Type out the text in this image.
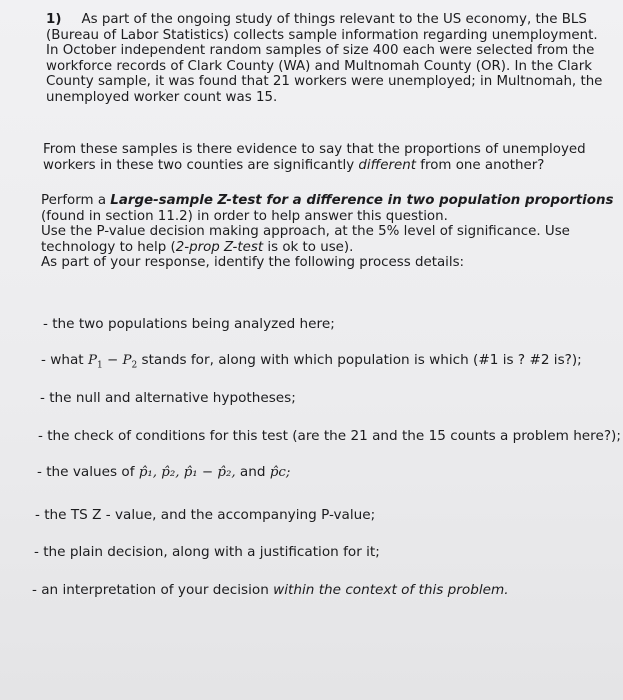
1) As part of the ongoing study of things relevant to the US economy, the BLS
(Bureau of Labor Statistics) collects sample information regarding unemployment.
In October independent random samples of size 400 each were selected from the
workforce records of Clark County (WA) and Multnomah County (OR). In the Clark
County sample, it was found that 21 workers were unemployed; in Multnomah, the
unemployed worker count was 15.
From these samples is there evidence to say that the proportions of unemployed
workers in these two counties are significantly different from one another?
Perform a Large-sample Z-test for a difference in two population proportions
(found in section 11.2) in order to help answer this question.
Use the P-value decision making approach, at the 5% level of significance. Use
technology to help (2-prop Z-test is ok to use).
As part of your response, identify the following process details:
- the two populations being analyzed here;
- what $P_1 - P_2$ stands for, along with which population is which (#1 is ? #2 is?);
- the null and alternative hypotheses;
- the check of conditions for this test (are the 21 and the 15 counts a problem here?);
- the values of p̂₁, p̂₂, p̂₁ − p̂₂, and p̂c;
- the TS Z - value, and the accompanying P-value;
- the plain decision, along with a justification for it;
- an interpretation of your decision within the context of this problem.
